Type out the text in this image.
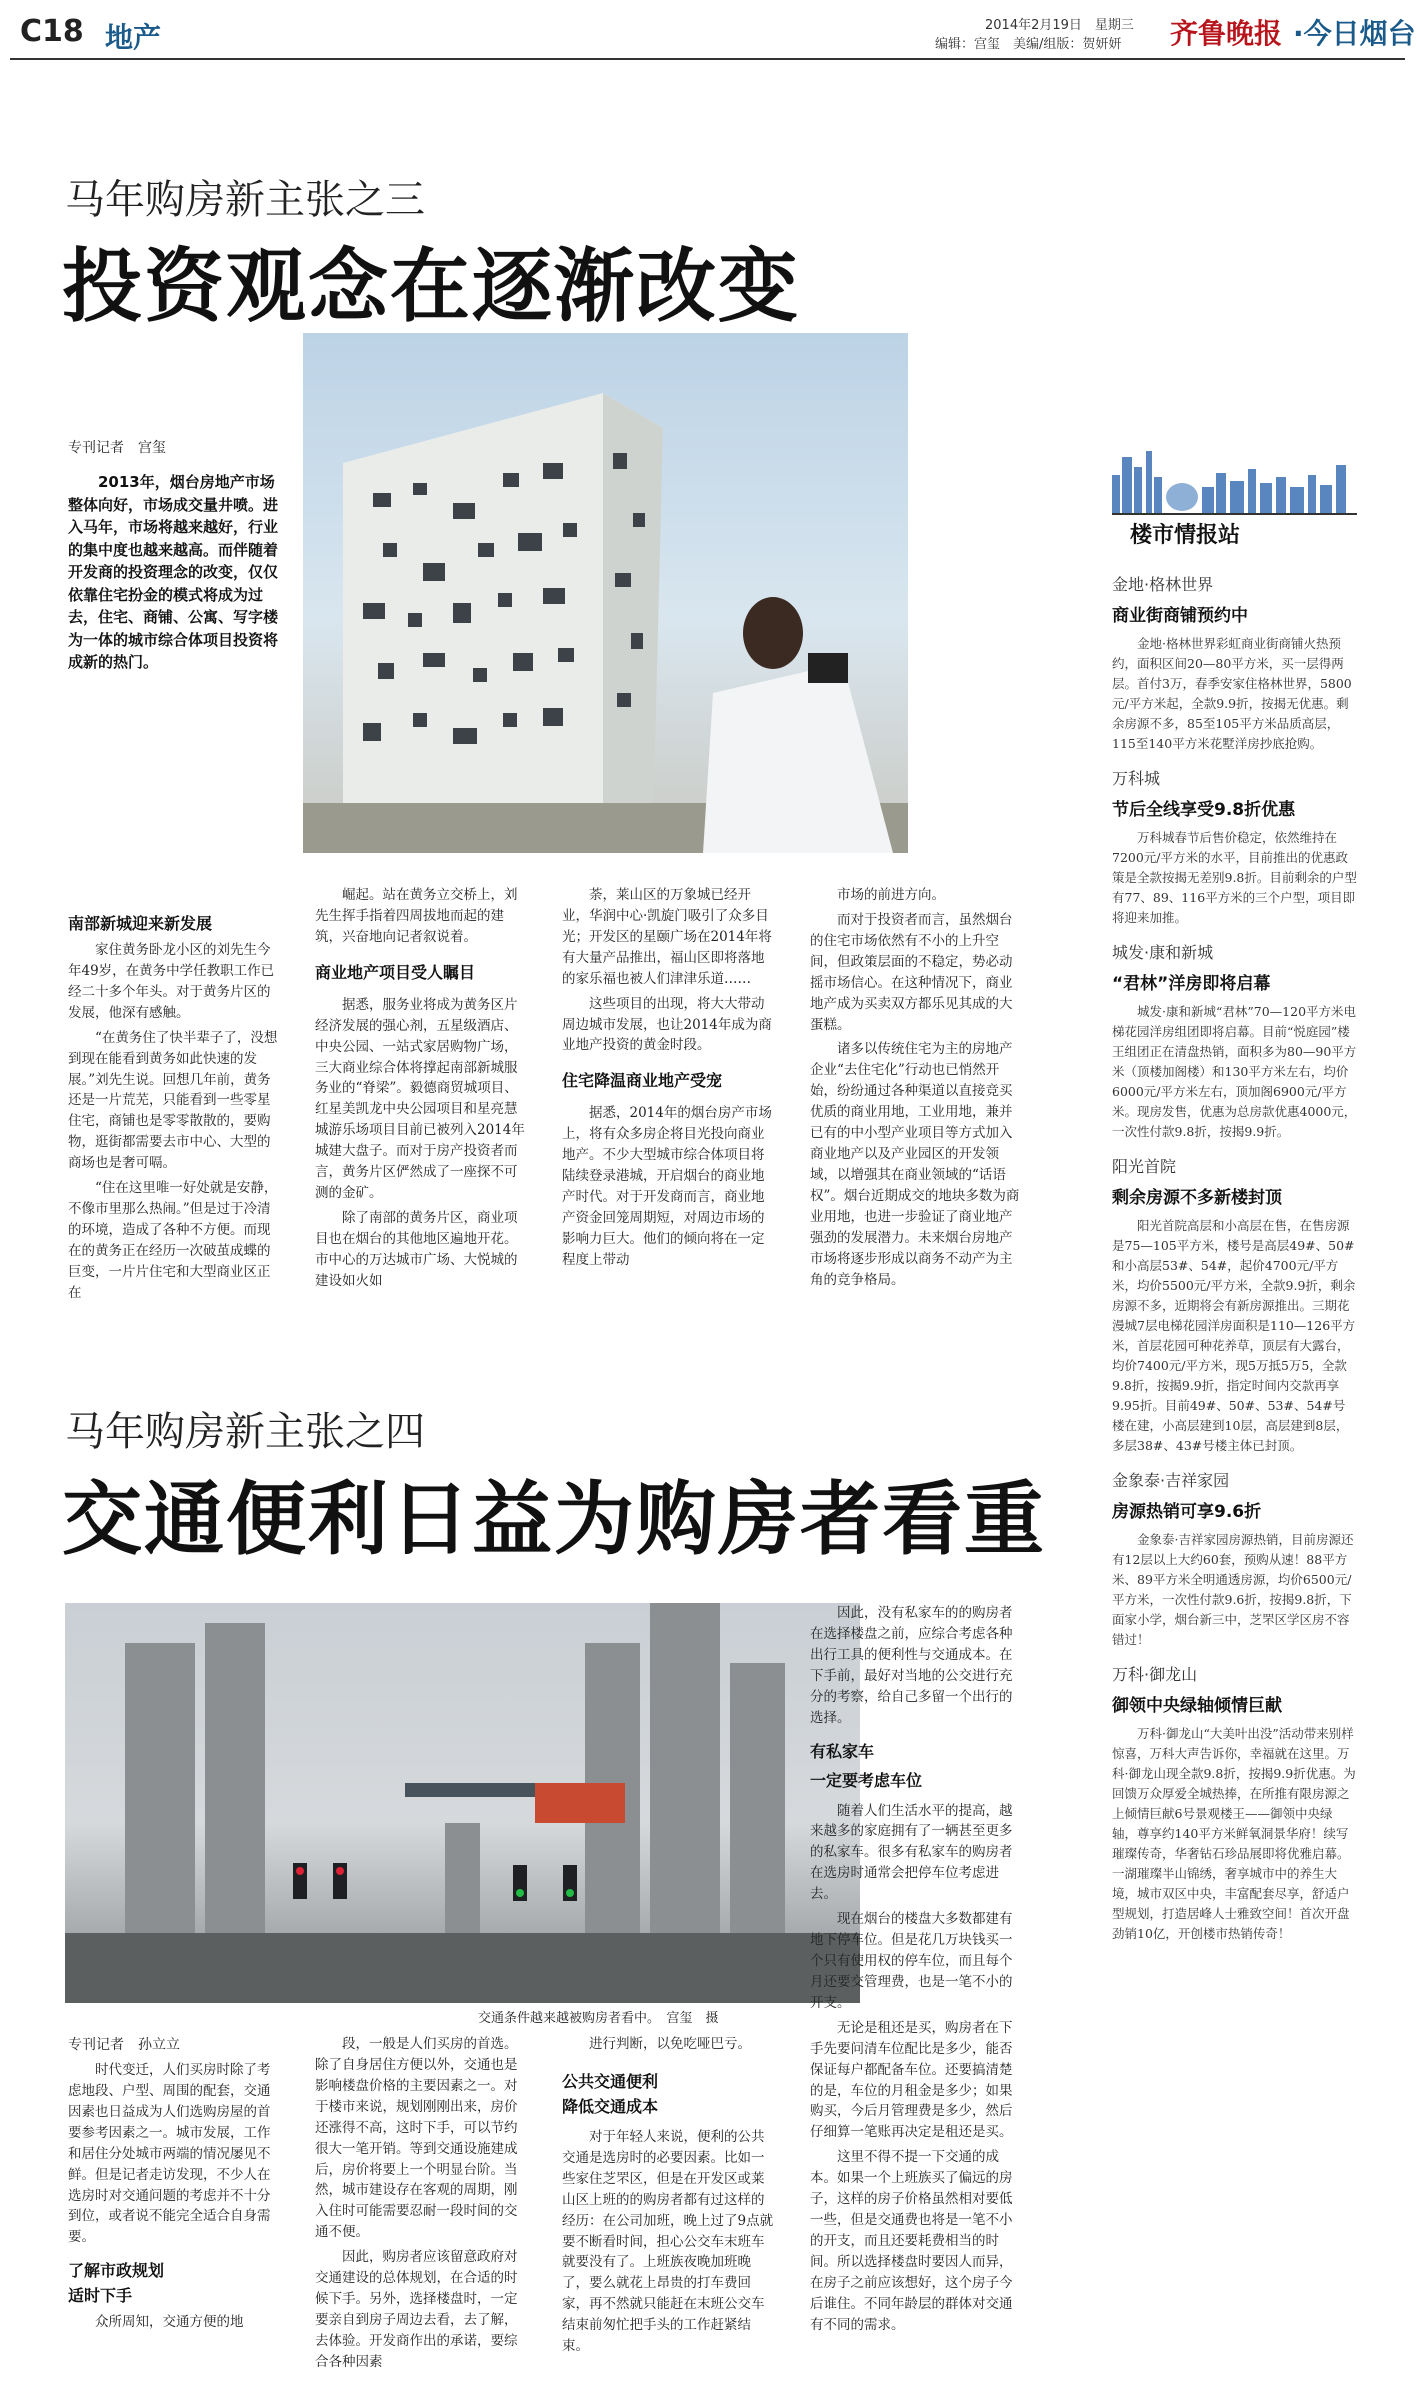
C18 地产	2014年2月19日　星期三
编辑：宫玺　美编/组版：贺妍妍 齐鲁晚报 ·今日烟台
马年购房新主张之三
投资观念在逐渐改变
专刊记者　宫玺
2013年，烟台房地产市场整体向好，市场成交量井喷。进入马年，市场将越来越好，行业的集中度也越来越高。而伴随着开发商的投资理念的改变，仅仅依靠住宅扮金的模式将成为过去，住宅、商铺、公寓、写字楼为一体的城市综合体项目投资将成新的热门。
南部新城迎来新发展

家住黄务卧龙小区的刘先生今年49岁，在黄务中学任教职工作已经二十多个年头。对于黄务片区的发展，他深有感触。

“在黄务住了快半辈子了，没想到现在能看到黄务如此快速的发展。”刘先生说。回想几年前，黄务还是一片荒芜，只能看到一些零星住宅，商铺也是零零散散的，要购物，逛街都需要去市中心、大型的商场也是奢可嗝。

“住在这里唯一好处就是安静，不像市里那么热闹。”但是过于冷清的环境，造成了各种不方便。而现在的黄务正在经历一次破茧成蝶的巨变，一片片住宅和大型商业区正在

崛起。站在黄务立交桥上，刘先生挥手指着四周拔地而起的建筑，兴奋地向记者叙说着。

商业地产项目受人瞩目

据悉，服务业将成为黄务区片经济发展的强心剂，五星级酒店、中央公园、一站式家居购物广场，三大商业综合体将撑起南部新城服务业的“脊梁”。毅德商贸城项目、红星美凯龙中央公园项目和星亮慧城游乐场项目目前已被列入2014年城建大盘子。而对于房产投资者而言，黄务片区俨然成了一座探不可测的金矿。

除了南部的黄务片区，商业项目也在烟台的其他地区遍地开花。市中心的万达城市广场、大悦城的建设如火如

荼，莱山区的万象城已经开业，华润中心·凯旋门吸引了众多目光；开发区的星颐广场在2014年将有大量产品推出，福山区即将落地的家乐福也被人们津津乐道……

这些项目的出现，将大大带动周边城市发展，也让2014年成为商业地产投资的黄金时段。

住宅降温商业地产受宠

据悉，2014年的烟台房产市场上，将有众多房企将目光投向商业地产。不少大型城市综合体项目将陆续登录港城，开启烟台的商业地产时代。对于开发商而言，商业地产资金回笼周期短，对周边市场的影响力巨大。他们的倾向将在一定程度上带动

市场的前进方向。

而对于投资者而言，虽然烟台的住宅市场依然有不小的上升空间，但政策层面的不稳定，势必动摇市场信心。在这种情况下，商业地产成为买卖双方都乐见其成的大蛋糕。

诸多以传统住宅为主的房地产企业“去住宅化”行动也已悄然开始，纷纷通过各种渠道以直接竞买优质的商业用地，工业用地，兼并已有的中小型产业项目等方式加入商业地产以及产业园区的开发领域，以增强其在商业领域的“话语权”。烟台近期成交的地块多数为商业用地，也进一步验证了商业地产强劲的发展潜力。未来烟台房地产市场将逐步形成以商务不动产为主角的竞争格局。

马年购房新主张之四
交通便利日益为购房者看重
交通条件越来越被购房者看中。　宫玺　摄
专刊记者　孙立立

时代变迁，人们买房时除了考虑地段、户型、周围的配套，交通因素也日益成为人们选购房屋的首要参考因素之一。城市发展，工作和居住分处城市两端的情况屡见不鲜。但是记者走访发现，不少人在选房时对交通问题的考虑并不十分到位，或者说不能完全适合自身需要。

了解市政规划
适时下手

众所周知，交通方便的地

段，一般是人们买房的首选。除了自身居住方便以外，交通也是影响楼盘价格的主要因素之一。对于楼市来说，规划刚刚出来，房价还涨得不高，这时下手，可以节约很大一笔开销。等到交通设施建成后，房价将要上一个明显台阶。当然，城市建设存在客观的周期，刚入住时可能需要忍耐一段时间的交通不便。

因此，购房者应该留意政府对交通建设的总体规划，在合适的时候下手。另外，选择楼盘时，一定要亲自到房子周边去看，去了解，去体验。开发商作出的承诺，要综合各种因素

进行判断，以免吃哑巴亏。

公共交通便利
降低交通成本

对于年轻人来说，便利的公共交通是选房时的必要因素。比如一些家住芝罘区，但是在开发区或莱山区上班的的购房者都有过这样的经历：在公司加班，晚上过了9点就要不断看时间，担心公交车末班车就要没有了。上班族夜晚加班晚了，要么就花上昂贵的打车费回家，再不然就只能赶在末班公交车结束前匆忙把手头的工作赶紧结束。

因此，没有私家车的的购房者在选择楼盘之前，应综合考虑各种出行工具的便利性与交通成本。在下手前，最好对当地的公交进行充分的考察，给自己多留一个出行的选择。

有私家车
一定要考虑车位

随着人们生活水平的提高，越来越多的家庭拥有了一辆甚至更多的私家车。很多有私家车的购房者在选房时通常会把停车位考虑进去。

现在烟台的楼盘大多数都建有地下停车位。但是花几万块钱买一个只有使用权的停车位，而且每个月还要交管理费，也是一笔不小的开支。

无论是租还是买，购房者在下手先要问清车位配比是多少，能否保证每户都配备车位。还要搞清楚的是，车位的月租金是多少；如果购买，今后月管理费是多少，然后仔细算一笔账再决定是租还是买。

这里不得不提一下交通的成本。如果一个上班族买了偏远的房子，这样的房子价格虽然相对要低一些，但是交通费也将是一笔不小的开支，而且还要耗费相当的时间。所以选择楼盘时要因人而异，在房子之前应该想好，这个房子今后谁住。不同年龄层的群体对交通有不同的需求。

楼市情报站
金地·格林世界
商业街商铺预约中

金地·格林世界彩虹商业街商铺火热预约，面积区间20—80平方米，买一层得两层。首付3万，春季安家住格林世界，5800元/平方米起，全款9.9折，按揭无优惠。剩余房源不多，85至105平方米品质高层，115至140平方米花墅洋房抄底抢购。

万科城
节后全线享受9.8折优惠

万科城春节后售价稳定，依然维持在7200元/平方米的水平，目前推出的优惠政策是全款按揭无差别9.8折。目前剩余的户型有77、89、116平方米的三个户型，项目即将迎来加推。

城发·康和新城
“君林”洋房即将启幕

城发·康和新城“君林”70—120平方米电梯花园洋房组团即将启幕。目前“悦庭园”楼王组团正在清盘热销，面积多为80—90平方米（顶楼加阁楼）和130平方米左右，均价6000元/平方米左右，顶加阁6900元/平方米。现房发售，优惠为总房款优惠4000元，一次性付款9.8折，按揭9.9折。

阳光首院
剩余房源不多新楼封顶

阳光首院高层和小高层在售，在售房源是75—105平方米，楼号是高层49#、50#和小高层53#、54#，起价4700元/平方米，均价5500元/平方米，全款9.9折，剩余房源不多，近期将会有新房源推出。三期花漫城7层电梯花园洋房面积是110—126平方米，首层花园可种花养草，顶层有大露台，均价7400元/平方米，现5万抵5万5，全款9.8折，按揭9.9折，指定时间内交款再享9.95折。目前49#、50#、53#、54#号楼在建，小高层建到10层，高层建到8层，多层38#、43#号楼主体已封顶。

金象泰·吉祥家园
房源热销可享9.6折

金象泰·吉祥家园房源热销，目前房源还有12层以上大约60套，预购从速！88平方米、89平方米全明通透房源，均价6500元/平方米，一次性付款9.6折，按揭9.8折，下面家小学，烟台新三中，芝罘区学区房不容错过！

万科·御龙山
御领中央绿轴倾情巨献

万科·御龙山“大美叶出没”活动带来别样惊喜，万科大声告诉你，幸福就在这里。万科·御龙山现全款9.8折，按揭9.9折优惠。为回馈万众厚爱全城热捧，在所推有限房源之上倾情巨献6号景观楼王——御领中央绿轴，尊享约140平方米鲜氧洞景华府！续写璀璨传奇，华奢钻石珍品展即将优雅启幕。一湖璀璨半山锦绣，奢享城市中的养生大境，城市双区中央，丰富配套尽享，舒适户型规划，打造居峰人士雅致空间！首次开盘劲销10亿，开创楼市热销传奇！
